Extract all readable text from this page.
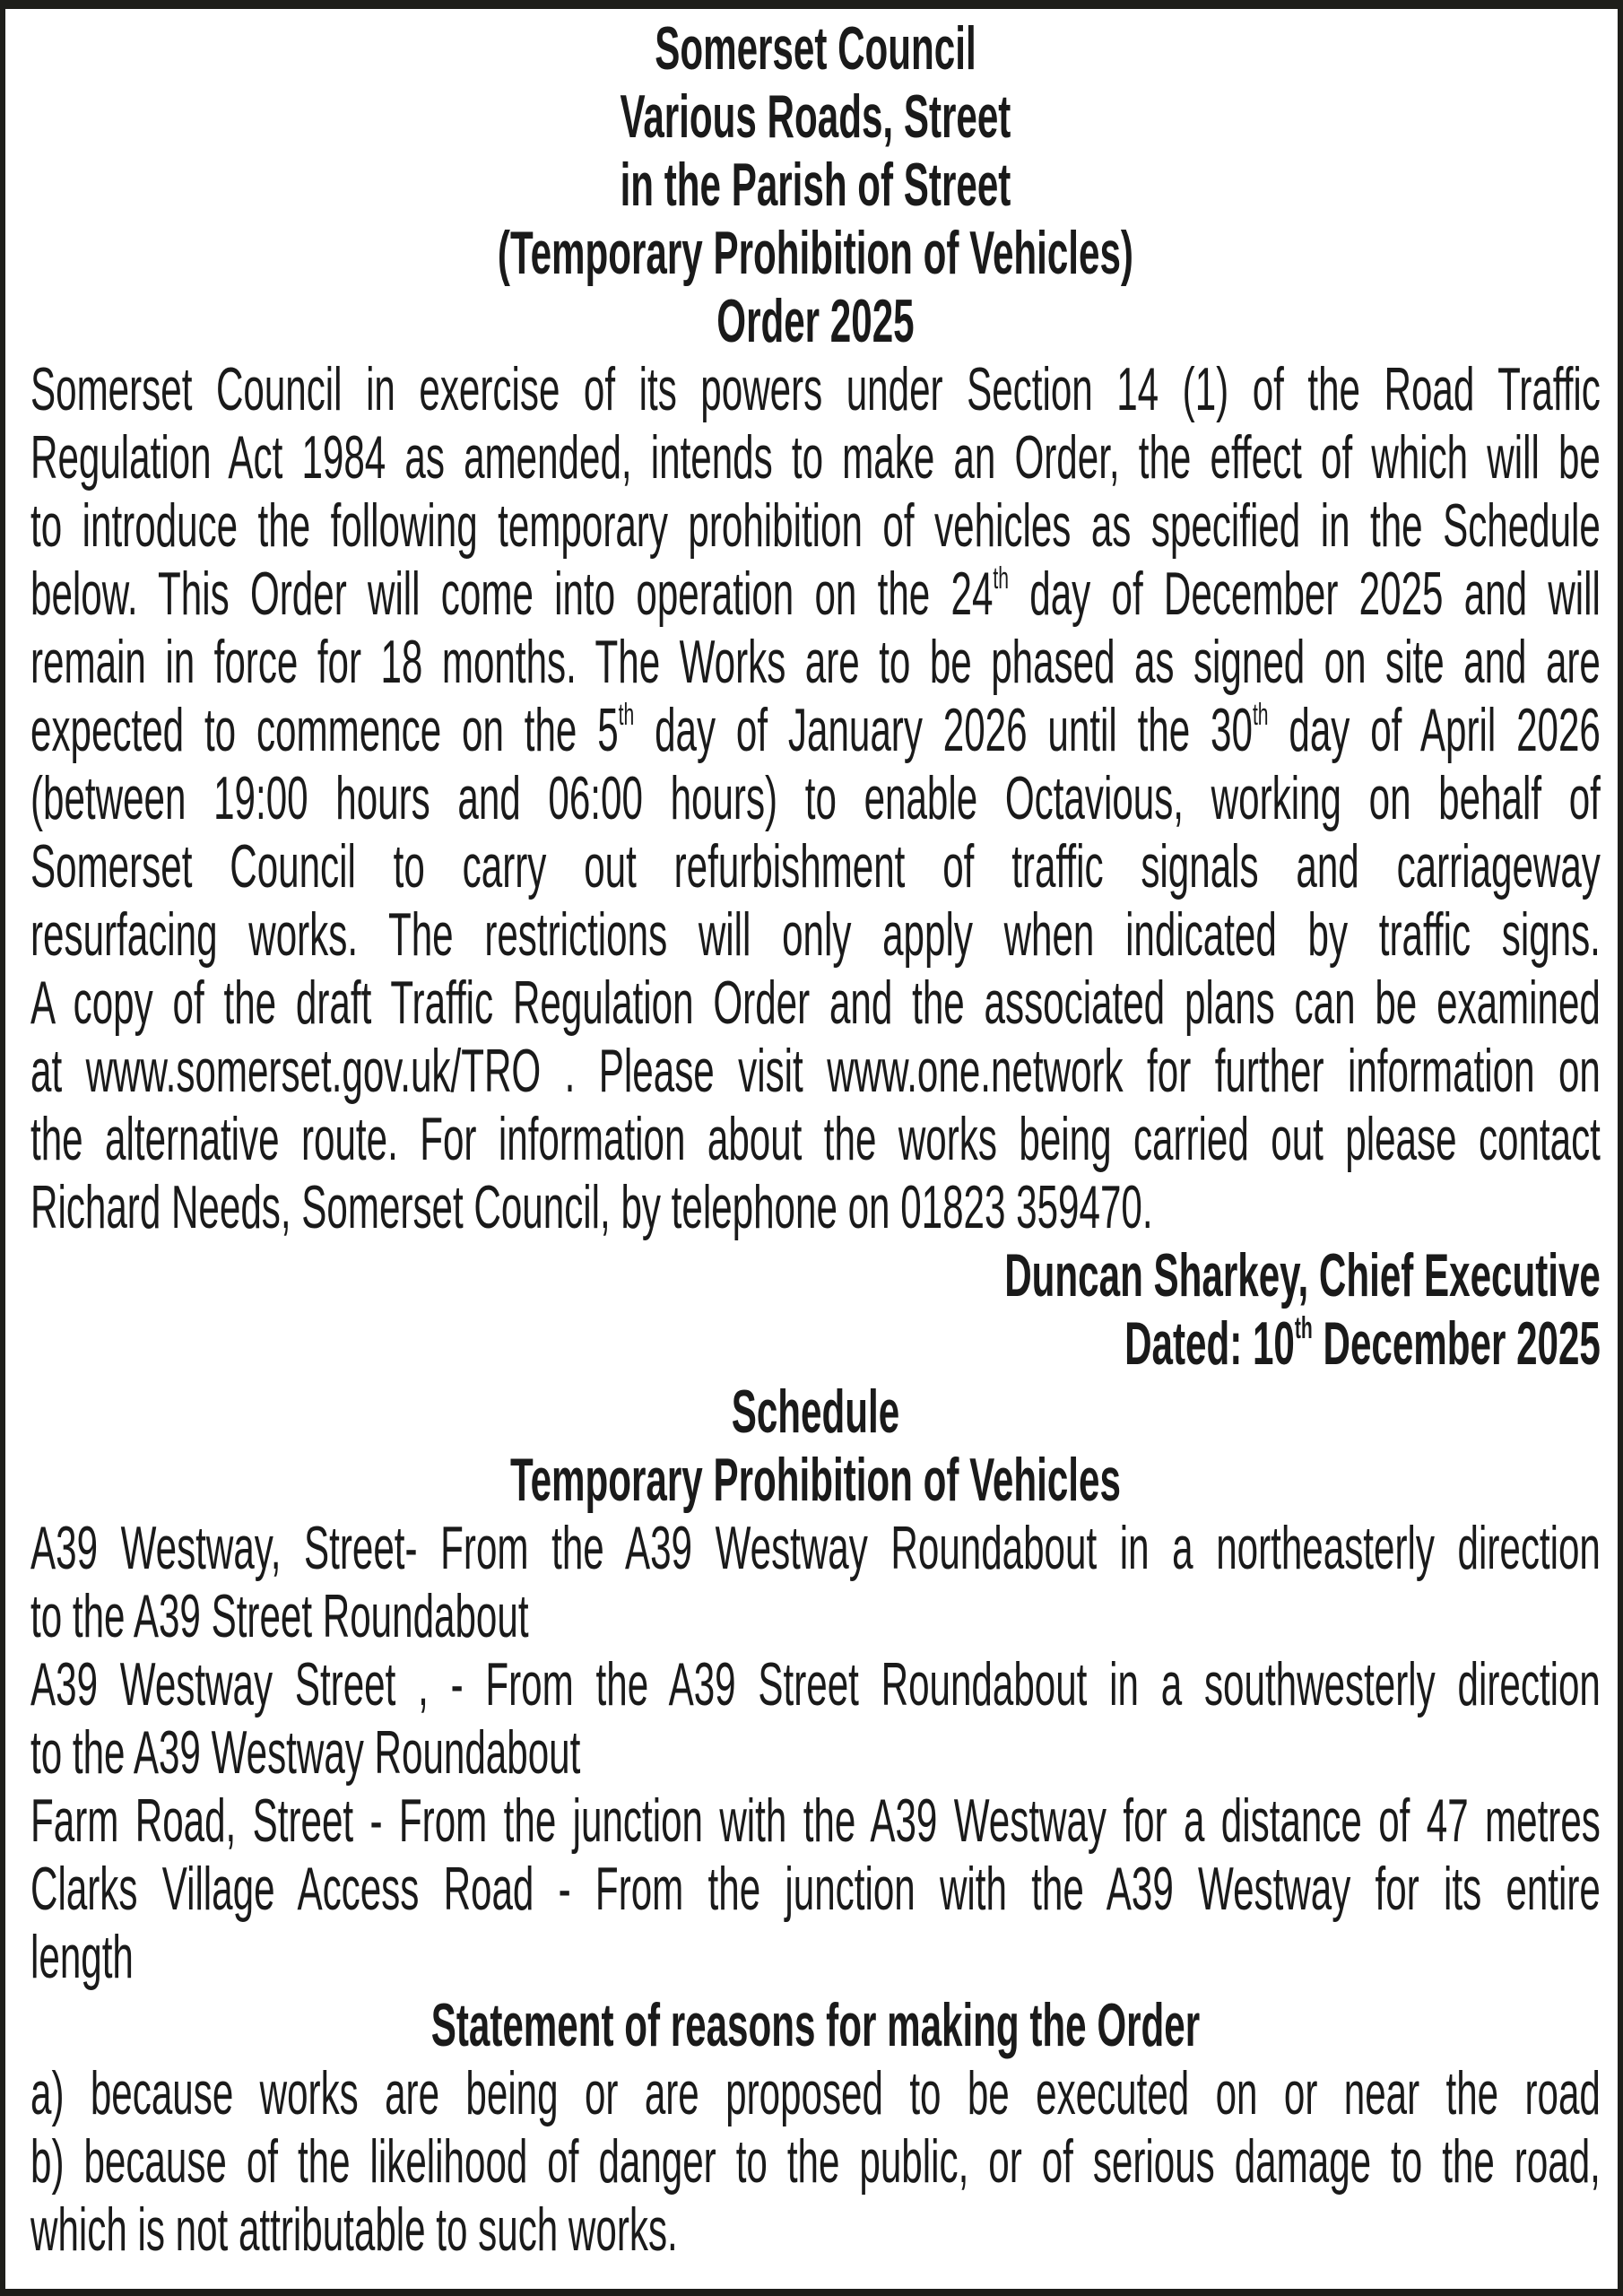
Somerset Council
Various Roads, Street
in the Parish of Street
(Temporary Prohibition of Vehicles)
Order 2025
Somerset Council in exercise of its powers under Section 14 (1) of the Road Traffic
Regulation Act 1984 as amended, intends to make an Order, the effect of which will be
to introduce the following temporary prohibition of vehicles as specified in the Schedule
below. This Order will come into operation on the 24th day of December 2025 and will
remain in force for 18 months. The Works are to be phased as signed on site and are
expected to commence on the 5th day of January 2026 until the 30th day of April 2026
(between 19:00 hours and 06:00 hours) to enable Octavious, working on behalf of
Somerset Council to carry out refurbishment of traffic signals and carriageway
resurfacing works. The restrictions will only apply when indicated by traffic signs.
A copy of the draft Traffic Regulation Order and the associated plans can be examined
at www.somerset.gov.uk/TRO . Please visit www.one.network for further information on
the alternative route. For information about the works being carried out please contact
Richard Needs, Somerset Council, by telephone on 01823 359470.
Duncan Sharkey, Chief Executive
Dated: 10th December 2025
Schedule
Temporary Prohibition of Vehicles
A39 Westway, Street- From the A39 Westway Roundabout in a northeasterly direction
to the A39 Street Roundabout
A39 Westway Street , - From the A39 Street Roundabout in a southwesterly direction
to the A39 Westway Roundabout
Farm Road, Street - From the junction with the A39 Westway for a distance of 47 metres
Clarks Village Access Road - From the junction with the A39 Westway for its entire
length
Statement of reasons for making the Order
a) because works are being or are proposed to be executed on or near the road
b) because of the likelihood of danger to the public, or of serious damage to the road,
which is not attributable to such works.
